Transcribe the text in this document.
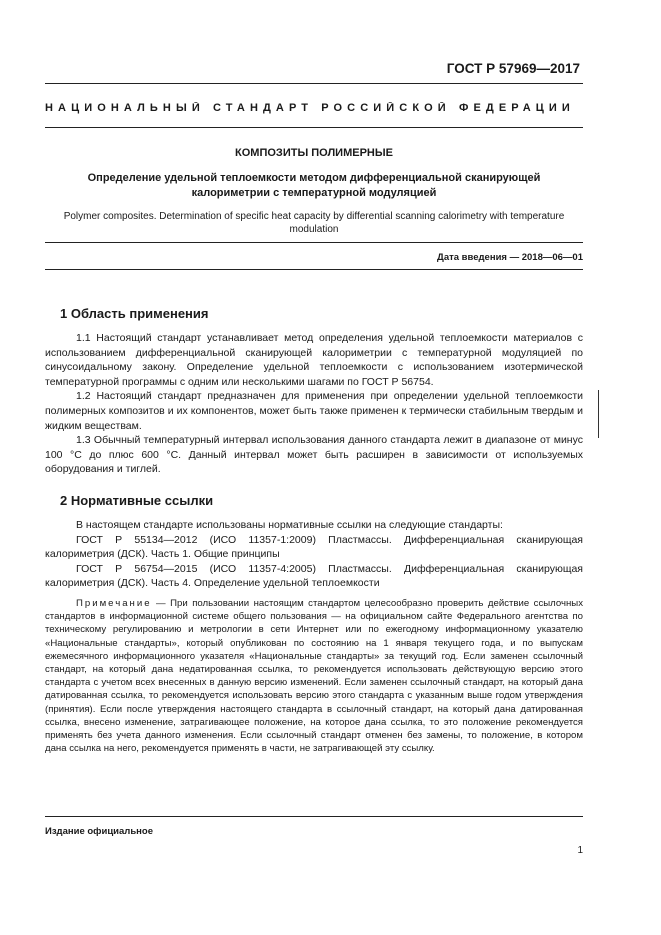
ГОСТ Р 57969—2017
НАЦИОНАЛЬНЫЙ СТАНДАРТ РОССИЙСКОЙ ФЕДЕРАЦИИ
КОМПОЗИТЫ ПОЛИМЕРНЫЕ
Определение удельной теплоемкости методом дифференциальной сканирующей
калориметрии с температурной модуляцией
Polymer composites. Determination of specific heat capacity by differential scanning calorimetry with temperature modulation
Дата введения — 2018—06—01
1 Область применения

1.1 Настоящий стандарт устанавливает метод определения удельной теплоемкости материалов с использованием дифференциальной сканирующей калориметрии с температурной модуляцией по синусоидальному закону. Определение удельной теплоемкости с использованием изотермической температурной программы с одним или несколькими шагами по ГОСТ Р 56754.

1.2 Настоящий стандарт предназначен для применения при определении удельной теплоемкости полимерных композитов и их компонентов, может быть также применен к термически стабильным твердым и жидким веществам.

1.3 Обычный температурный интервал использования данного стандарта лежит в диапазоне от минус 100 °С до плюс 600 °С. Данный интервал может быть расширен в зависимости от используемых оборудования и тиглей.

2 Нормативные ссылки

В настоящем стандарте использованы нормативные ссылки на следующие стандарты:

ГОСТ Р 55134—2012 (ИСО 11357-1:2009) Пластмассы. Дифференциальная сканирующая калориметрия (ДСК). Часть 1. Общие принципы

ГОСТ Р 56754—2015 (ИСО 11357-4:2005) Пластмассы. Дифференциальная сканирующая калориметрия (ДСК). Часть 4. Определение удельной теплоемкости

Примечание — При пользовании настоящим стандартом целесообразно проверить действие ссылочных стандартов в информационной системе общего пользования — на официальном сайте Федерального агентства по техническому регулированию и метрологии в сети Интернет или по ежегодному информационному указателю «Национальные стандарты», который опубликован по состоянию на 1 января текущего года, и по выпускам ежемесячного информационного указателя «Национальные стандарты» за текущий год. Если заменен ссылочный стандарт, на который дана недатированная ссылка, то рекомендуется использовать действующую версию этого стандарта с учетом всех внесенных в данную версию изменений. Если заменен ссылочный стандарт, на который дана датированная ссылка, то рекомендуется использовать версию этого стандарта с указанным выше годом утверждения (принятия). Если после утверждения настоящего стандарта в ссылочный стандарт, на который дана датированная ссылка, внесено изменение, затрагивающее положение, на которое дана ссылка, то это положение рекомендуется применять без учета данного изменения. Если ссылочный стандарт отменен без замены, то положение, в котором дана ссылка на него, рекомендуется применять в части, не затрагивающей эту ссылку.
Издание официальное
1
